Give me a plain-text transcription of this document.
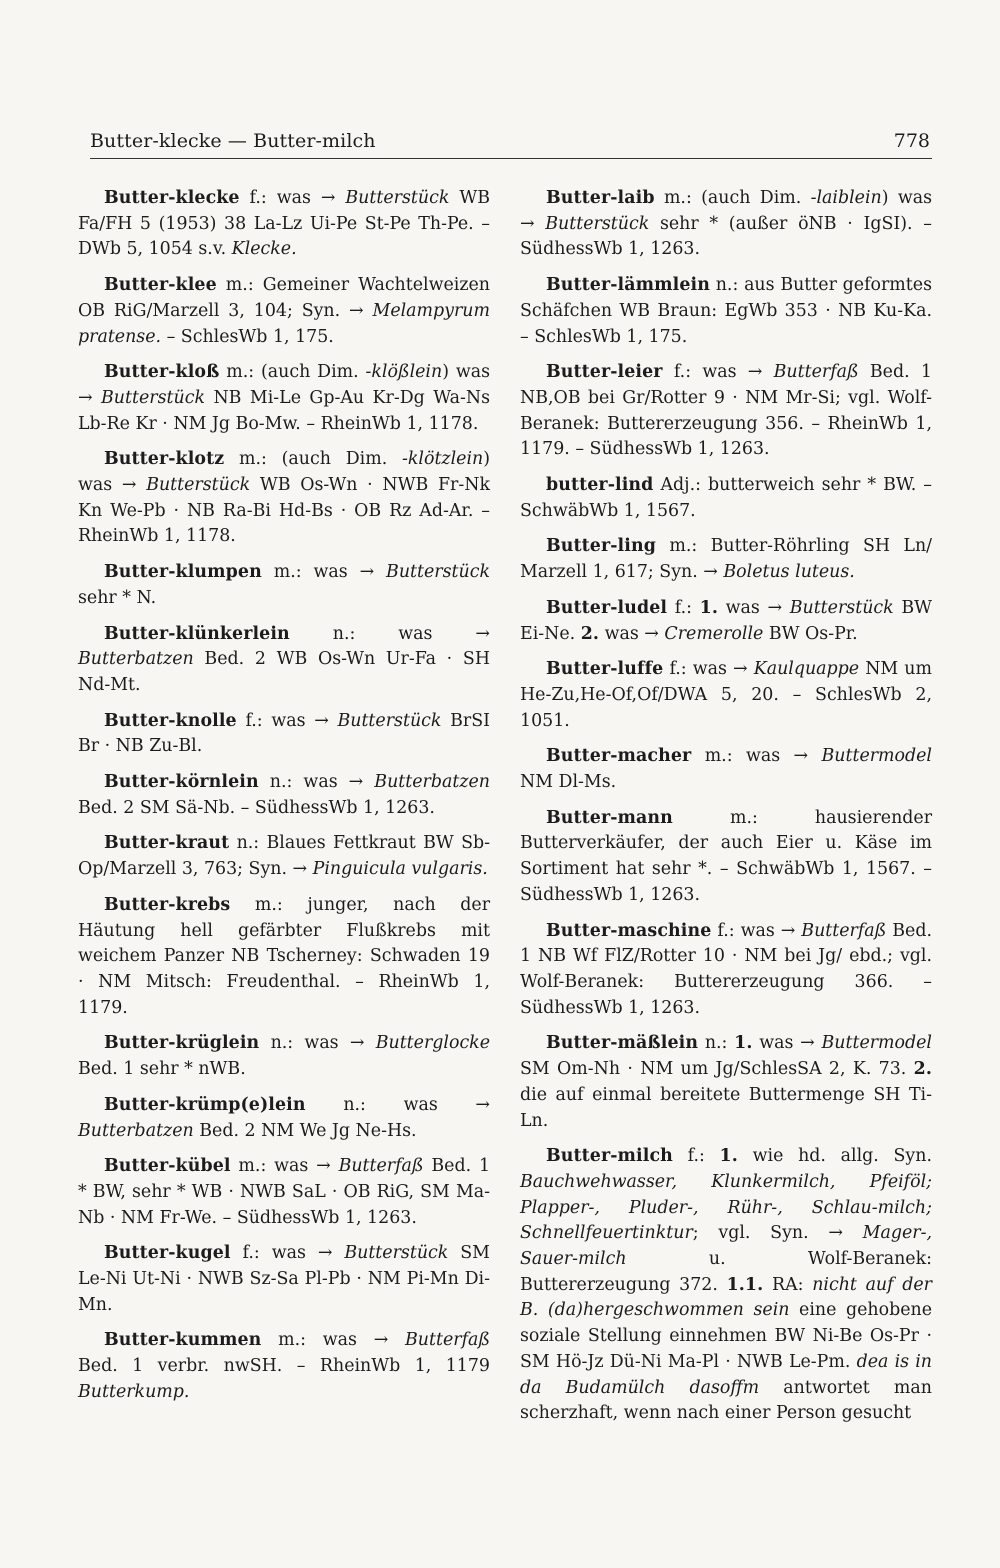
Butter-klecke — Butter-milch	778

Butter-klecke f.: was → Butterstück WB Fa/FH 5 (1953) 38 La-Lz Ui-Pe St-Pe Th-Pe. – DWb 5, 1054 s.v. Klecke.

Butter-klee m.: Gemeiner Wachtelweizen OB RiG/Marzell 3, 104; Syn. → Melampyrum pratense. – SchlesWb 1, 175.

Butter-kloß m.: (auch Dim. -klößlein) was → Butterstück NB Mi-Le Gp-Au Kr-Dg Wa-Ns Lb-Re Kr · NM Jg Bo-Mw. – RheinWb 1, 1178.

Butter-klotz m.: (auch Dim. -klötzlein) was → Butterstück WB Os-Wn · NWB Fr-Nk Kn We-Pb · NB Ra-Bi Hd-Bs · OB Rz Ad-Ar. – RheinWb 1, 1178.

Butter-klumpen m.: was → Butterstück sehr * N.

Butter-klünkerlein n.: was → Butterbatzen Bed. 2 WB Os-Wn Ur-Fa · SH Nd-Mt.

Butter-knolle f.: was → Butterstück BrSI Br · NB Zu-Bl.

Butter-körnlein n.: was → Butterbatzen Bed. 2 SM Sä-Nb. – SüdhessWb 1, 1263.

Butter-kraut n.: Blaues Fettkraut BW Sb-Op/Marzell 3, 763; Syn. → Pinguicula vulgaris.

Butter-krebs m.: junger, nach der Häutung hell gefärbter Flußkrebs mit weichem Panzer NB Tscherney: Schwaden 19 · NM Mitsch: Freudenthal. – RheinWb 1, 1179.

Butter-krüglein n.: was → Butterglocke Bed. 1 sehr * nWB.

Butter-krümp(e)lein n.: was → Butterbatzen Bed. 2 NM We Jg Ne-Hs.

Butter-kübel m.: was → Butterfaß Bed. 1 * BW, sehr * WB · NWB SaL · OB RiG, SM Ma-Nb · NM Fr-We. – SüdhessWb 1, 1263.

Butter-kugel f.: was → Butterstück SM Le-Ni Ut-Ni · NWB Sz-Sa Pl-Pb · NM Pi-Mn Di-Mn.

Butter-kummen m.: was → Butterfaß Bed. 1 verbr. nwSH. – RheinWb 1, 1179 Butterkump.

Butter-laib m.: (auch Dim. -laiblein) was → Butterstück sehr * (außer öNB · IgSI). – SüdhessWb 1, 1263.

Butter-lämmlein n.: aus Butter geformtes Schäfchen WB Braun: EgWb 353 · NB Ku-Ka. – SchlesWb 1, 175.

Butter-leier f.: was → Butterfaß Bed. 1 NB,OB bei Gr/Rotter 9 · NM Mr-Si; vgl. Wolf-Beranek: Buttererzeugung 356. – RheinWb 1, 1179. – SüdhessWb 1, 1263.

butter-lind Adj.: butterweich sehr * BW. – SchwäbWb 1, 1567.

Butter-ling m.: Butter-Röhrling SH Ln/ Marzell 1, 617; Syn. → Boletus luteus.

Butter-ludel f.: 1. was → Butterstück BW Ei-Ne. 2. was → Cremerolle BW Os-Pr.

Butter-luffe f.: was → Kaulquappe NM um He-Zu,He-Of,Of/DWA 5, 20. – SchlesWb 2, 1051.

Butter-macher m.: was → Buttermodel NM Dl-Ms.

Butter-mann	m.: hausierender Butterverkäufer, der auch Eier u. Käse im Sortiment hat sehr *. – SchwäbWb 1, 1567. – SüdhessWb 1, 1263.

Butter-maschine f.: was → Butterfaß Bed. 1 NB Wf FlZ/Rotter 10 · NM bei Jg/ ebd.; vgl. Wolf-Beranek: Buttererzeugung 366. – SüdhessWb 1, 1263.

Butter-mäßlein n.: 1. was → Buttermodel SM Om-Nh · NM um Jg/SchlesSA 2, K. 73. 2. die auf einmal bereitete Buttermenge SH Ti-Ln.

Butter-milch f.: 1. wie hd. allg. Syn. Bauchwehwasser, Klunkermilch, Pfeiföl; Plapper-, Pluder-, Rühr-, Schlau-milch; Schnellfeuertinktur; vgl. Syn. → Mager-, Sauer-milch u. Wolf-Beranek: Buttererzeugung 372. 1.1. RA: nicht auf der B. (da)hergeschwommen sein eine gehobene soziale Stellung einnehmen BW Ni-Be Os-Pr · SM Hö-Jz Dü-Ni Ma-Pl · NWB Le-Pm. dea is in da Budamülch dasoffm antwortet man scherzhaft, wenn nach einer Person gesucht
